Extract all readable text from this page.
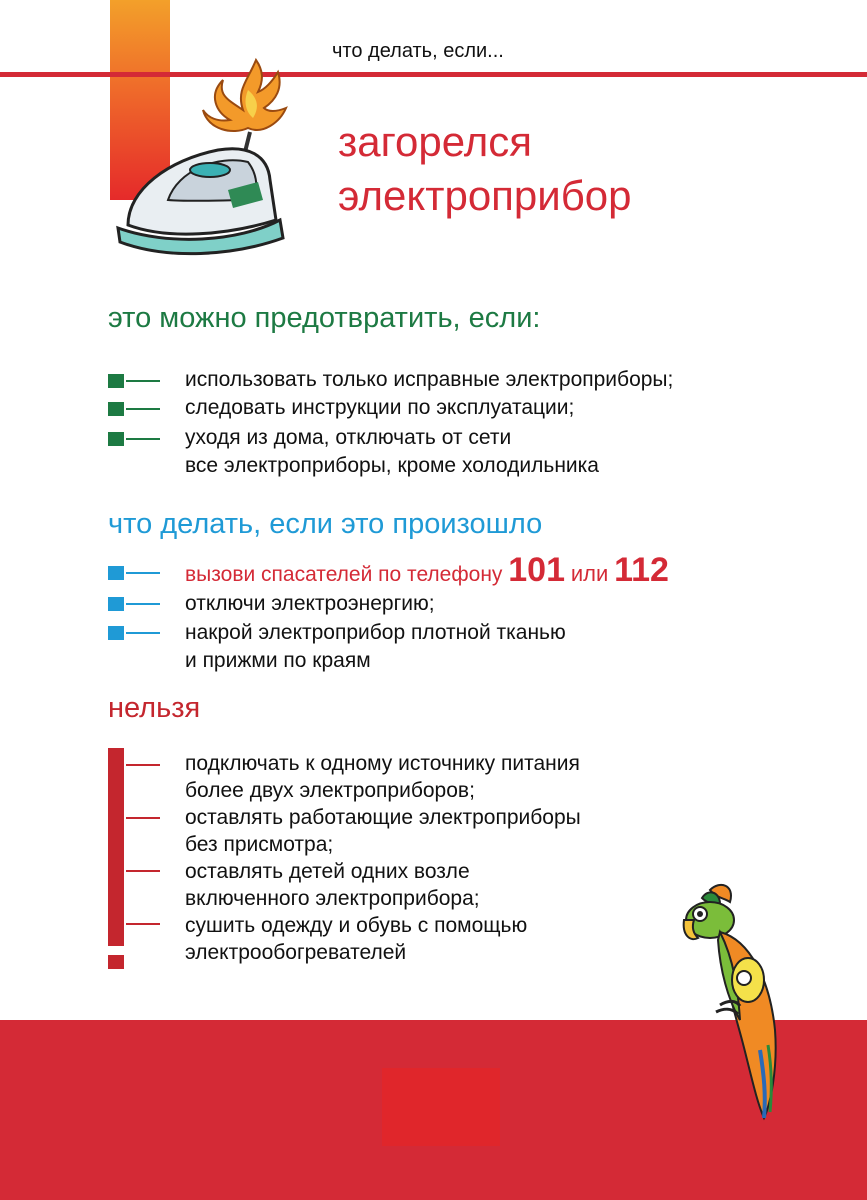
что делать, если...
загорелся
электроприбор
это можно предотвратить, если:
использовать только исправные электроприборы;
следовать инструкции по эксплуатации;
уходя из дома, отключать от сети
все электроприборы, кроме холодильника
что делать, если это произошло
вызови спасателей по телефону 101 или 112
отключи электроэнергию;
накрой электроприбор плотной тканью
и прижми по краям
нельзя
подключать к одному источнику питания
более двух электроприборов;
оставлять работающие электроприборы
без присмотра;
оставлять детей одних возле
включенного электроприбора;
сушить одежду и обувь с помощью
электрообогревателей
